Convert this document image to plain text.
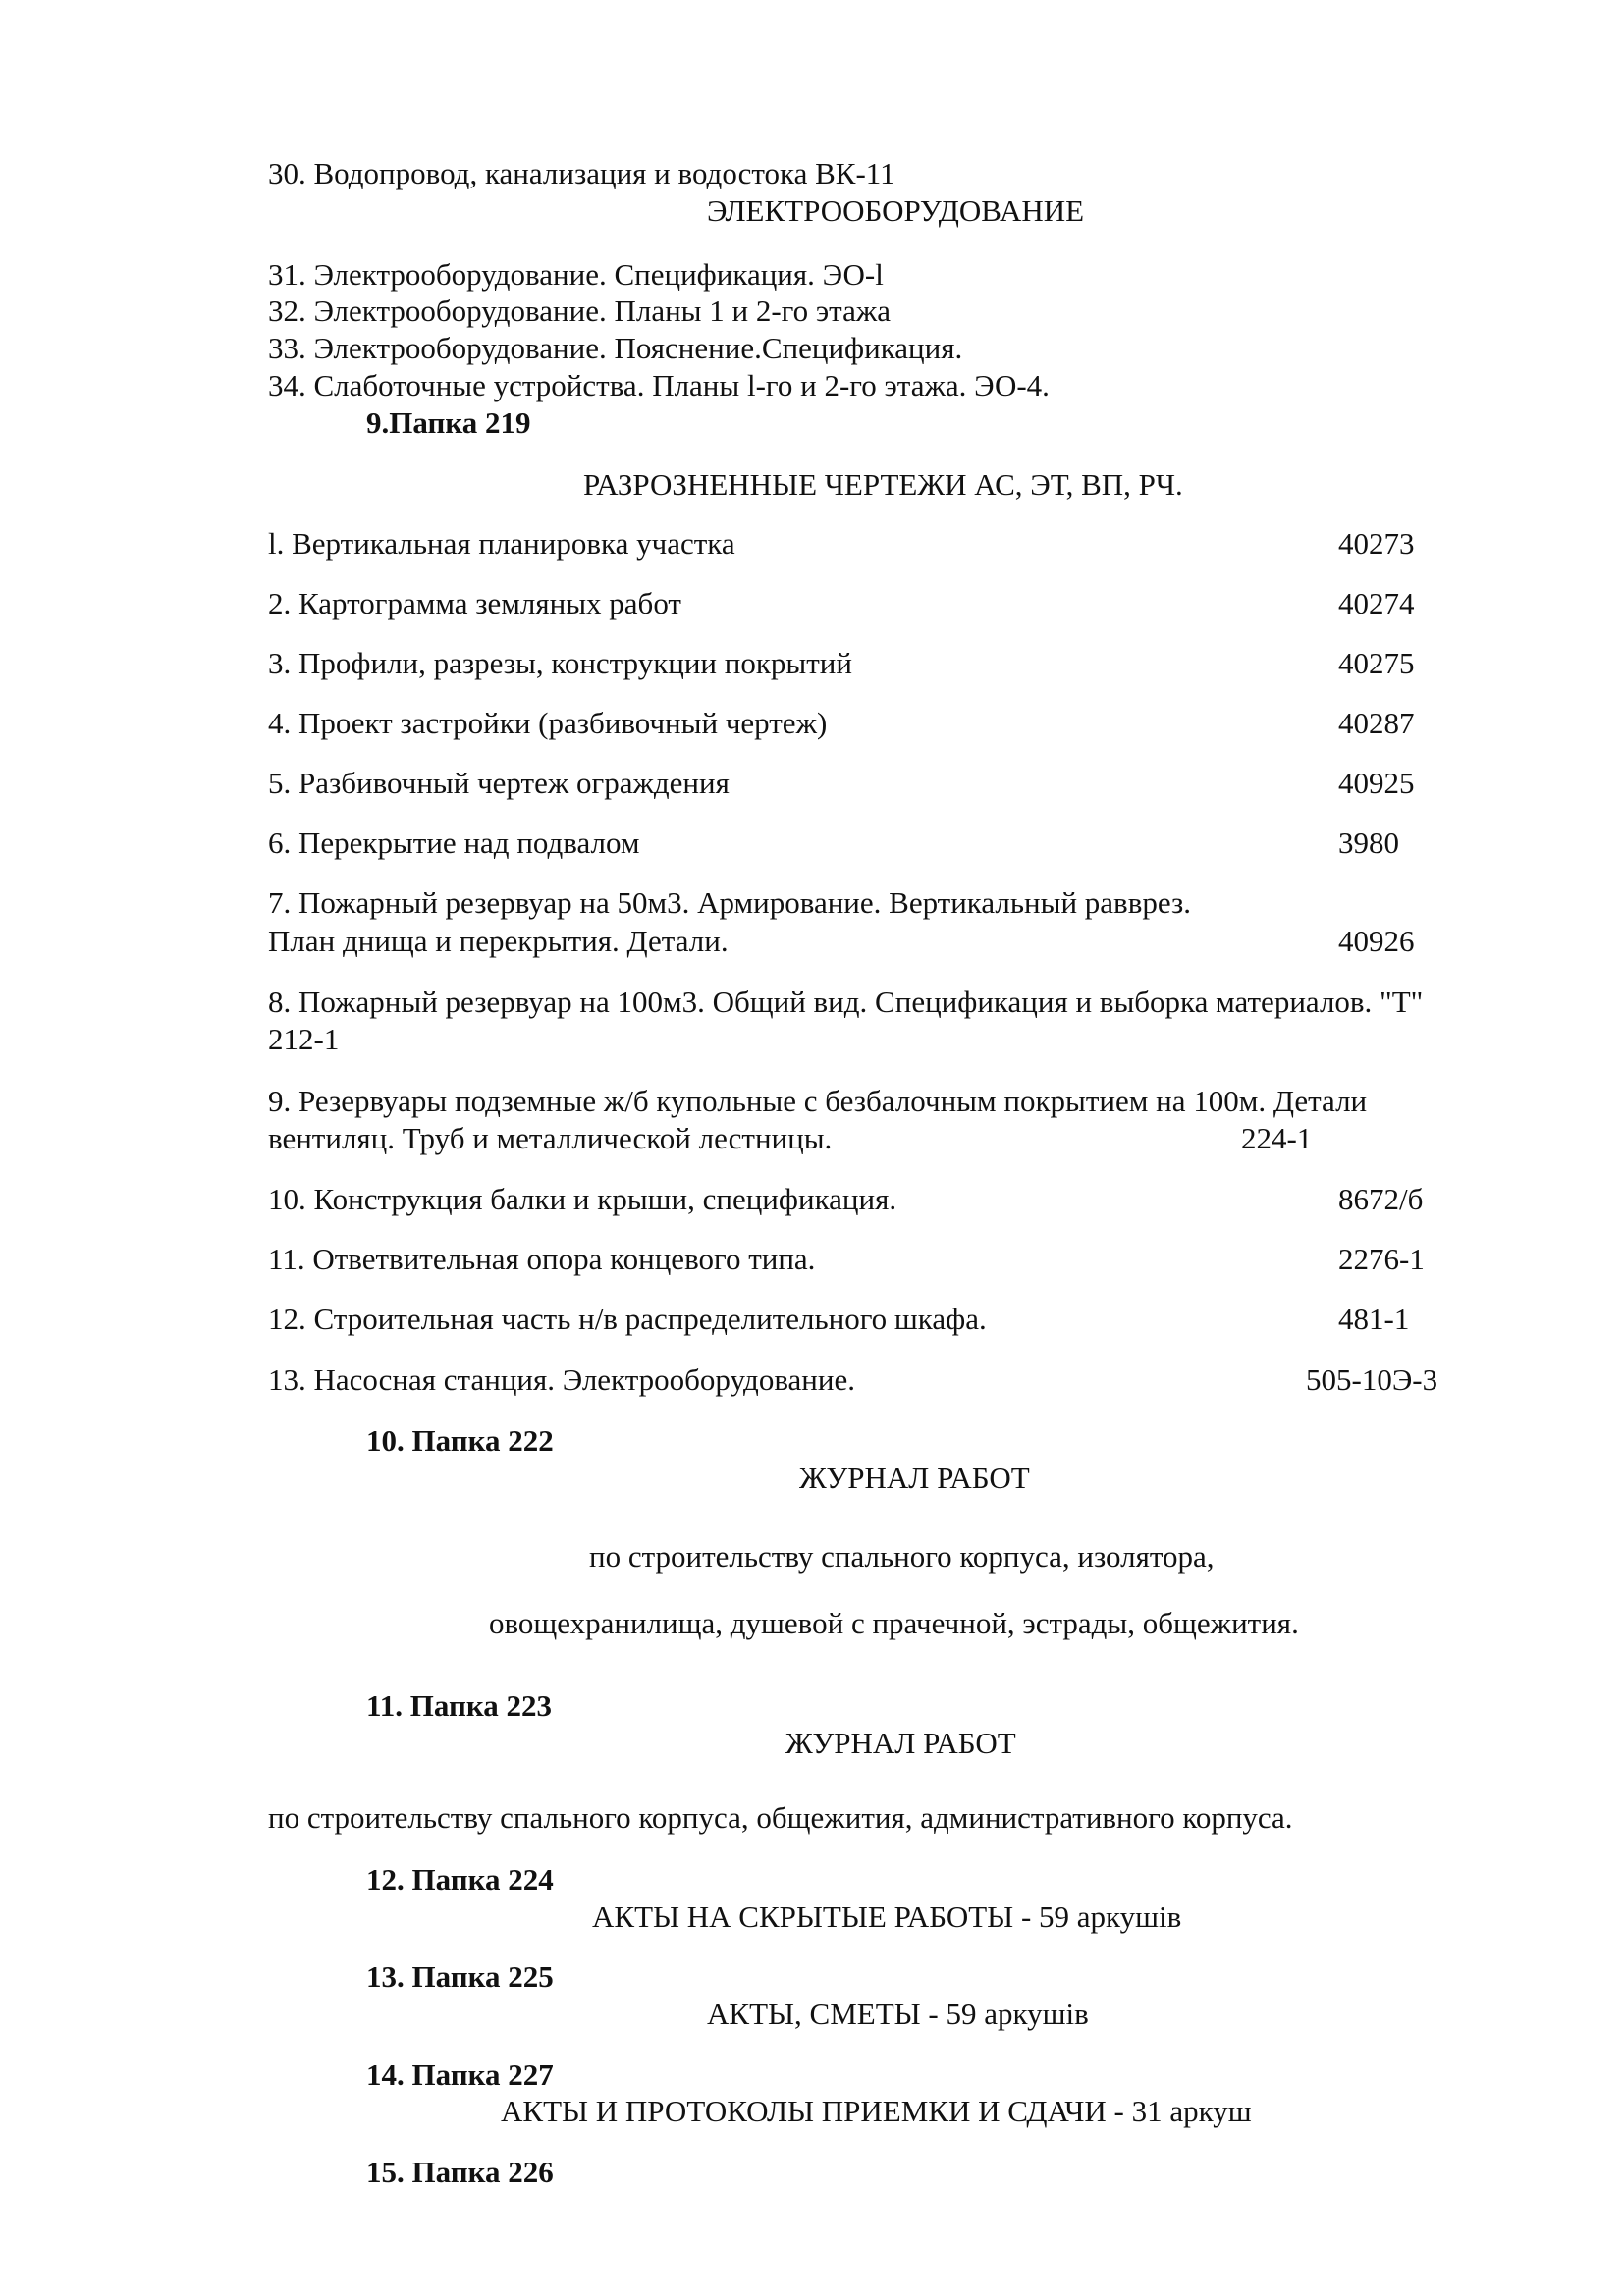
30. Водопровод, канализация и водостока ВК-11
ЭЛЕКТРООБОРУДОВАНИЕ
31. Электрооборудование. Спецификация. ЭО-l
32. Электрооборудование. Планы 1 и 2-го этажа
33. Электрооборудование. Пояснение.Спецификация.
34. Слаботочные устройства. Планы l-го и 2-го этажа. ЭО-4.
9.Папка 219
РАЗРОЗНЕННЫЕ ЧЕРТЕЖИ АС, ЭТ, ВП, РЧ.
l. Вертикальная планировка участка	40273
2. Картограмма земляных работ	40274
3. Профили, разрезы, конструкции покрытий	40275
4. Проект застройки (разбивочный чертеж)	40287
5. Разбивочный чертеж ограждения	40925
6. Перекрытие над подвалом	3980
7. Пожарный резервуар на 50м3. Армирование. Вертикальный равврез.
План днища и перекрытия. Детали.	40926
8. Пожарный резервуар на 100м3. Общий вид. Спецификация и выборка материалов. "Т"
212-1
9. Резервуары подземные ж/б купольные с безбалочным покрытием на 100м. Детали
вентиляц. Труб и металлической лестницы.	224-1
10. Конструкция балки и крыши, спецификация.	8672/б
11. Ответвительная опора концевого типа.	2276-1
12. Строительная часть н/в распределительного шкафа.	481-1
13. Насосная станция. Электрооборудование.	505-10Э-3
10. Папка 222
ЖУРНАЛ РАБОТ
по строительству спального корпуса, изолятора,
овощехранилища, душевой с прачечной, эстрады, общежития.
11. Папка 223
ЖУРНАЛ РАБОТ
по строительству спального корпуса, общежития, административного корпуса.
12. Папка 224
АКТЫ НА СКРЫТЫЕ РАБОТЫ - 59 аркушів
13. Папка 225
АКТЫ, СМЕТЫ - 59 аркушів
14. Папка 227
АКТЫ И ПРОТОКОЛЫ ПРИЕМКИ И СДАЧИ - 31 аркуш
15. Папка 226
